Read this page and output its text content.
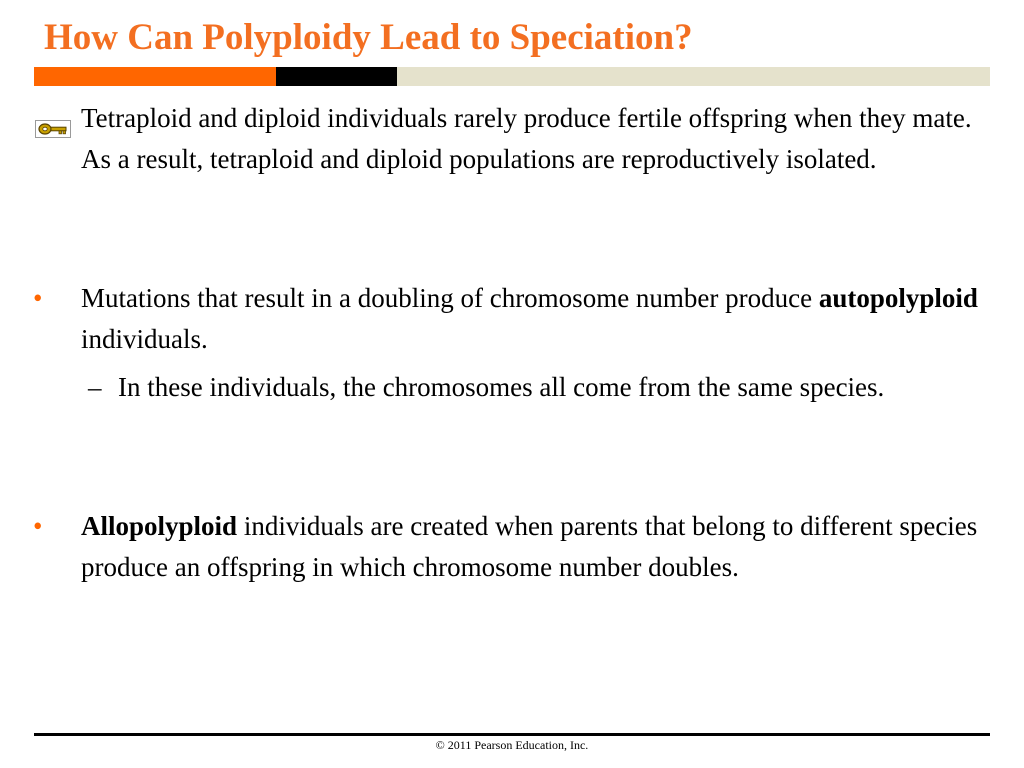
How Can Polyploidy Lead to Speciation?
Tetraploid and diploid individuals rarely produce fertile offspring when they mate. As a result, tetraploid and diploid populations are reproductively isolated.
• Mutations that result in a doubling of chromosome number produce autopolyploid individuals.
– In these individuals, the chromosomes all come from the same species.
• Allopolyploid individuals are created when parents that belong to different species produce an offspring in which chromosome number doubles.
© 2011 Pearson Education, Inc.
